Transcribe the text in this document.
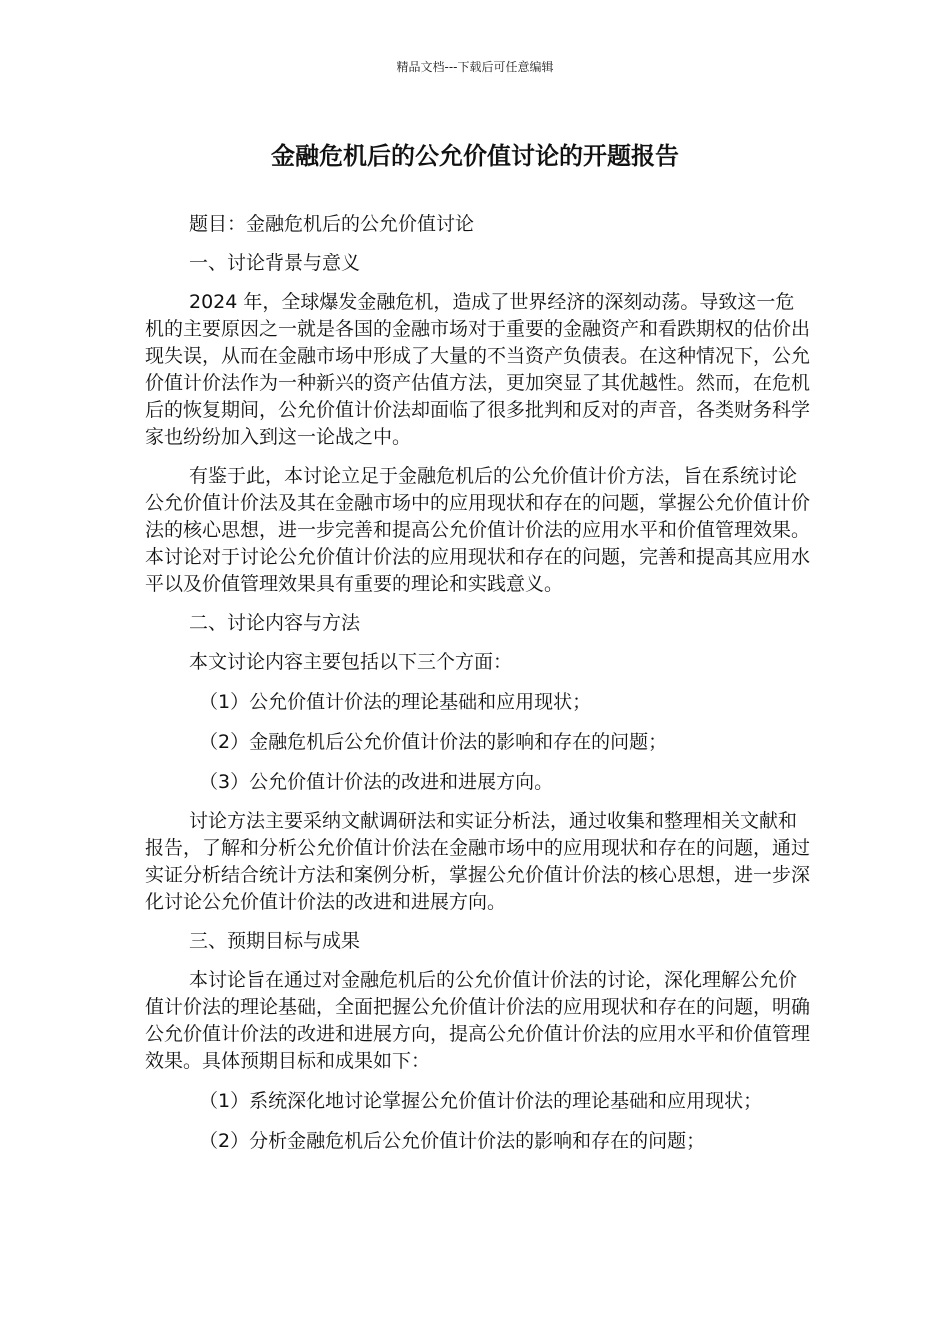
精品文档---下载后可任意编辑
金融危机后的公允价值讨论的开题报告

题目：金融危机后的公允价值讨论

一、讨论背景与意义

2024 年，全球爆发金融危机，造成了世界经济的深刻动荡。导致这一危机的主要原因之一就是各国的金融市场对于重要的金融资产和看跌期权的估价出现失误，从而在金融市场中形成了大量的不当资产负债表。在这种情况下，公允价值计价法作为一种新兴的资产估值方法，更加突显了其优越性。然而，在危机后的恢复期间，公允价值计价法却面临了很多批判和反对的声音，各类财务科学家也纷纷加入到这一论战之中。

有鉴于此，本讨论立足于金融危机后的公允价值计价方法，旨在系统讨论公允价值计价法及其在金融市场中的应用现状和存在的问题，掌握公允价值计价法的核心思想，进一步完善和提高公允价值计价法的应用水平和价值管理效果。本讨论对于讨论公允价值计价法的应用现状和存在的问题，完善和提高其应用水平以及价值管理效果具有重要的理论和实践意义。

二、讨论内容与方法

本文讨论内容主要包括以下三个方面：

（1）公允价值计价法的理论基础和应用现状；

（2）金融危机后公允价值计价法的影响和存在的问题；

（3）公允价值计价法的改进和进展方向。

讨论方法主要采纳文献调研法和实证分析法，通过收集和整理相关文献和报告，了解和分析公允价值计价法在金融市场中的应用现状和存在的问题，通过实证分析结合统计方法和案例分析，掌握公允价值计价法的核心思想，进一步深化讨论公允价值计价法的改进和进展方向。

三、预期目标与成果

本讨论旨在通过对金融危机后的公允价值计价法的讨论，深化理解公允价值计价法的理论基础，全面把握公允价值计价法的应用现状和存在的问题，明确公允价值计价法的改进和进展方向，提高公允价值计价法的应用水平和价值管理效果。具体预期目标和成果如下：

（1）系统深化地讨论掌握公允价值计价法的理论基础和应用现状；

（2）分析金融危机后公允价值计价法的影响和存在的问题；
